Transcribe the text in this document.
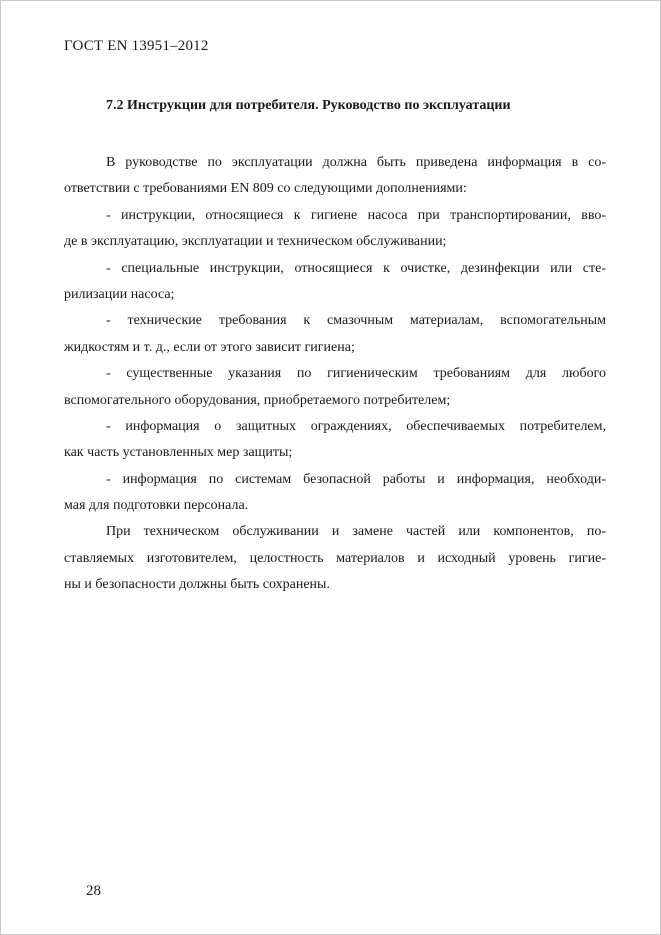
ГОСТ EN 13951–2012
7.2 Инструкции для потребителя. Руководство по эксплуатации
В руководстве по эксплуатации должна быть приведена информация в со-
ответствии с требованиями EN 809 со следующими дополнениями:
- инструкции, относящиеся к гигиене насоса при транспортировании, вво-
де в эксплуатацию, эксплуатации и техническом обслуживании;
- специальные инструкции, относящиеся к очистке, дезинфекции или сте-
рилизации насоса;
- технические требования к смазочным материалам, вспомогательным
жидкостям и т. д., если от этого зависит гигиена;
- существенные указания по гигиеническим требованиям для любого
вспомогательного оборудования, приобретаемого потребителем;
- информация о защитных ограждениях, обеспечиваемых потребителем,
как часть установленных мер защиты;
- информация по системам безопасной работы и информация, необходи-
мая для подготовки персонала.
При техническом обслуживании и замене частей или компонентов, по-
ставляемых изготовителем, целостность материалов и исходный уровень гигие-
ны и безопасности должны быть сохранены.
28
